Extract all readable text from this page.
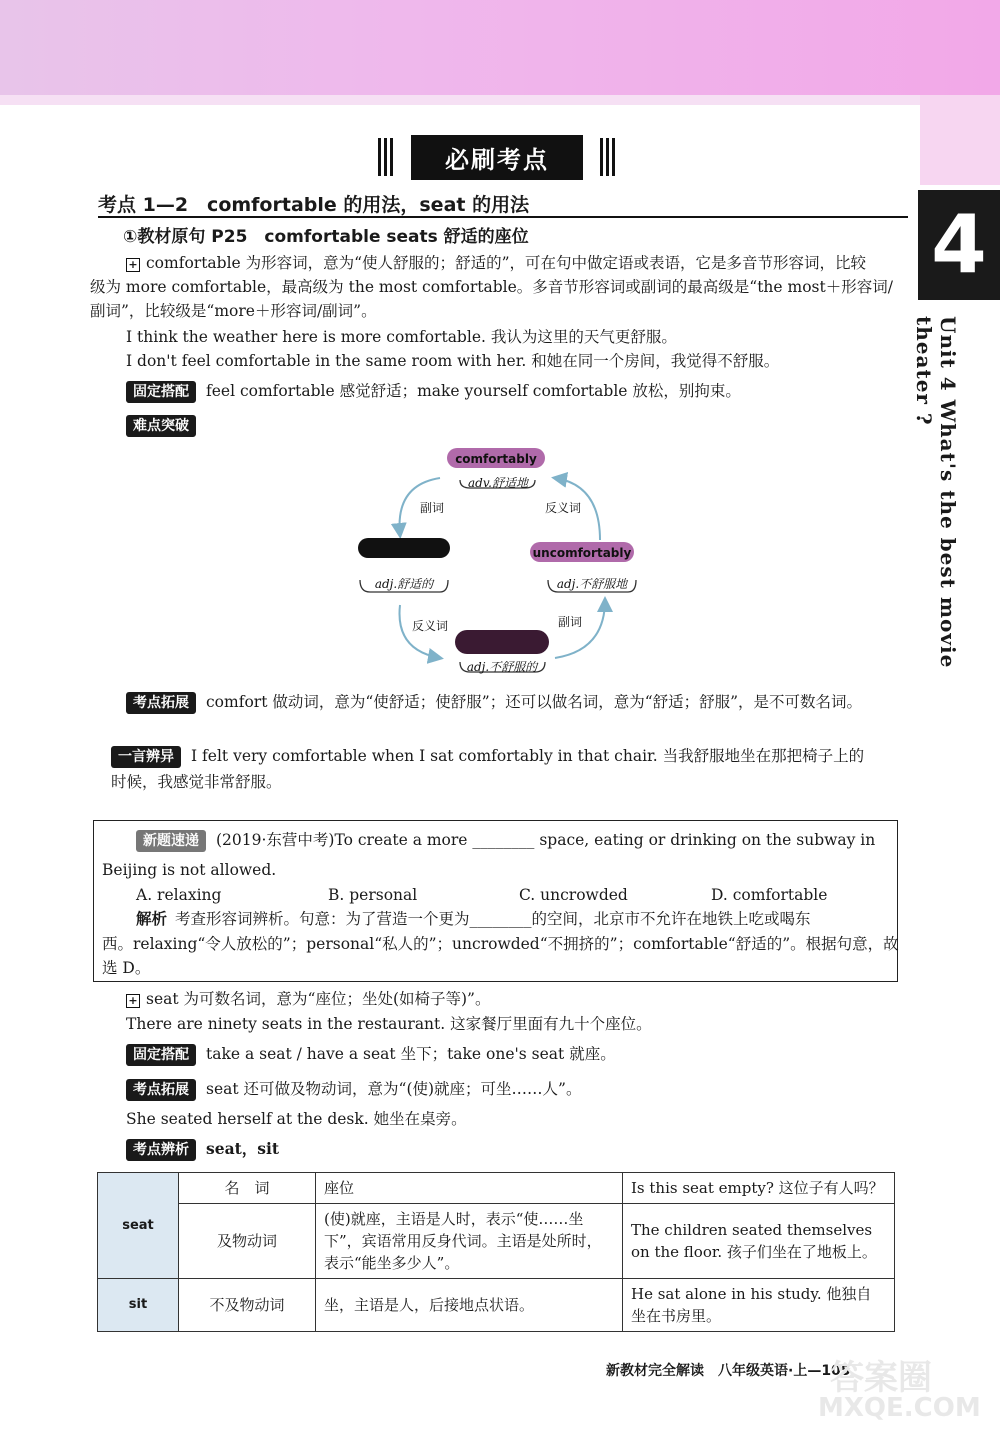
必刷考点
考点 1—2　comfortable 的用法，seat 的用法	4
Unit 4 What's the best movie theater ?
①教材原句 P25　comfortable seats 舒适的座位
+ comfortable 为形容词，意为“使人舒服的；舒适的”，可在句中做定语或表语，它是多音节形容词，比较
级为 more comfortable，最高级为 the most comfortable。多音节形容词或副词的最高级是“the most＋形容词/
副词”，比较级是“more＋形容词/副词”。
I think the weather here is more comfortable. 我认为这里的天气更舒服。
I don't feel comfortable in the same room with her. 和她在同一个房间，我觉得不舒服。
固定搭配 feel comfortable 感觉舒适；make yourself comfortable 放松，别拘束。
难点突破
comfortably
adv.舒适地
副词	反义词
uncomfortably
adj.舒适的	adj.不舒服地
反义词	副词
adj.不舒服的
考点拓展 comfort 做动词，意为“使舒适；使舒服”；还可以做名词，意为“舒适；舒服”，是不可数名词。
一言辨异 I felt very comfortable when I sat comfortably in that chair. 当我舒服地坐在那把椅子上的
时候，我感觉非常舒服。
新题速递 (2019·东营中考)To create a more ________ space, eating or drinking on the subway in
Beijing is not allowed.
A. relaxing	B. personal	C. uncrowded	D. comfortable
解析 考查形容词辨析。句意：为了营造一个更为________的空间，北京市不允许在地铁上吃或喝东
西。relaxing“令人放松的”；personal“私人的”；uncrowded“不拥挤的”；comfortable“舒适的”。根据句意，故
选 D。
+ seat 为可数名词，意为“座位；坐处(如椅子等)”。
There are ninety seats in the restaurant. 这家餐厅里面有九十个座位。
固定搭配 take a seat / have a seat 坐下；take one's seat 就座。
考点拓展 seat 还可做及物动词，意为“(使)就座；可坐……人”。
She seated herself at the desk. 她坐在桌旁。
考点辨析 seat，sit
seat	名　词	座位	Is this seat empty? 这位子有人吗？
	及物动词	(使)就座，主语是人时，表示“使……坐下”，宾语常用反身代词。主语是处所时，表示“能坐多少人”。	The children seated themselves on the floor. 孩子们坐在了地板上。
sit	不及物动词	坐，主语是人，后接地点状语。	He sat alone in his study. 他独自坐在书房里。
新教材完全解读　八年级英语·上—105
答案圈
MXQE.COM
